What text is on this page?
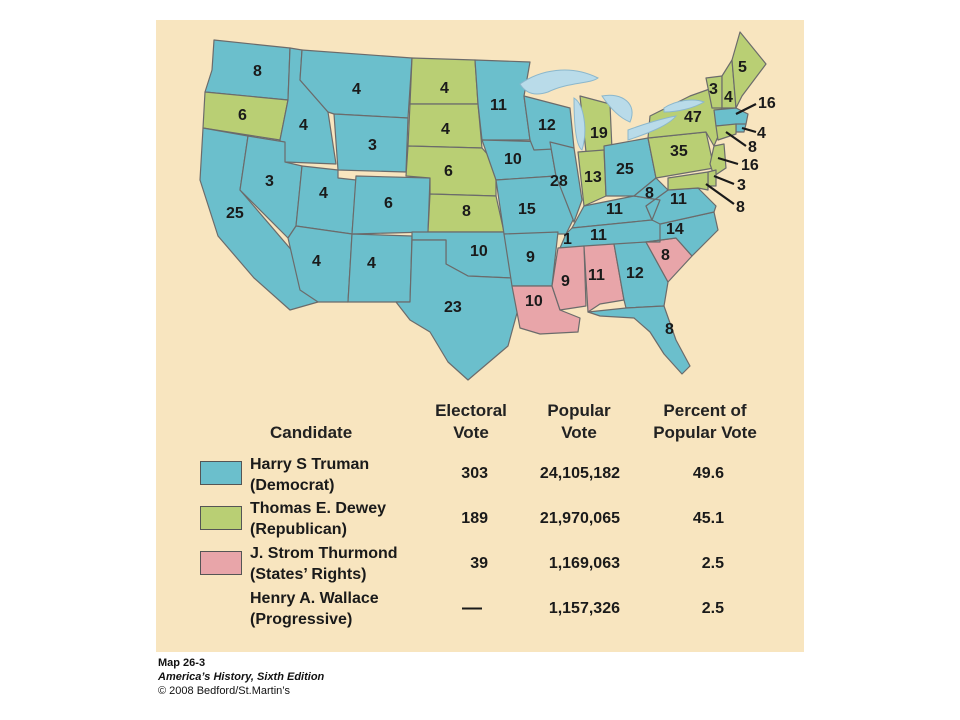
8
6
25
4
3
4
3
4
6
4	4
4
4
6
8
10
23
11
10
15
9
10
12
28
19
13 25
11
11
1
9 11 12
8
8
14
11
8
35
47
3 4
5
16
4
8
16
3
8
Candidate
Electoral
Vote
Popular
Vote
Percent of
Popular Vote
Harry S Truman
(Democrat)
303	24,105,182	49.6
Thomas E. Dewey
(Republican)
189	21,970,065	45.1
J. Strom Thurmond
(States’ Rights)
39	1,169,063	2.5
Henry A. Wallace
(Progressive)
—	1,157,326	2.5
Map 26-3
America’s History, Sixth Edition
© 2008 Bedford/St.Martin’s
